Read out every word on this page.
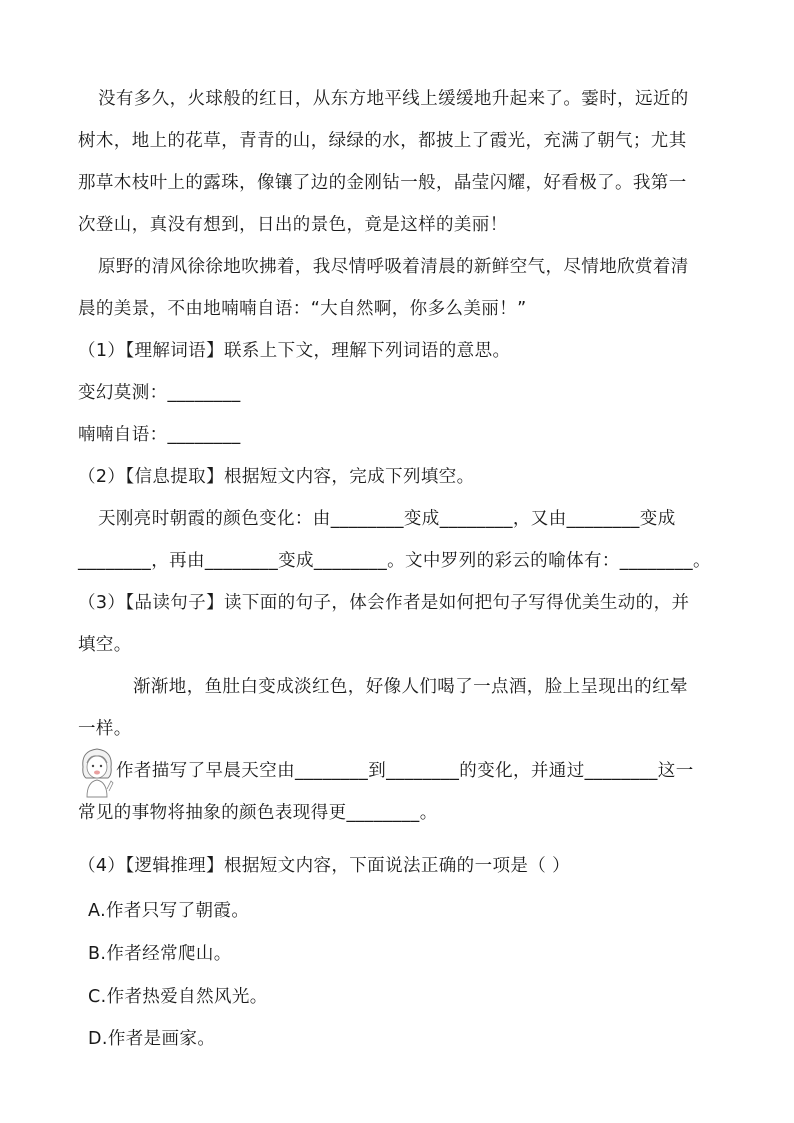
没有多久，火球般的红日，从东方地平线上缓缓地升起来了。霎时，远近的
树木，地上的花草，青青的山，绿绿的水，都披上了霞光，充满了朝气；尤其
那草木枝叶上的露珠，像镶了边的金刚钻一般，晶莹闪耀，好看极了。我第一
次登山，真没有想到，日出的景色，竟是这样的美丽！
原野的清风徐徐地吹拂着，我尽情呼吸着清晨的新鲜空气，尽情地欣赏着清
晨的美景，不由地喃喃自语：“大自然啊，你多么美丽！”
（1）【理解词语】联系上下文，理解下列词语的意思。
变幻莫测：________
喃喃自语：________
（2）【信息提取】根据短文内容，完成下列填空。
天刚亮时朝霞的颜色变化：由________变成________，又由________变成
________，再由________变成________。文中罗列的彩云的喻体有：________。
（3）【品读句子】读下面的句子，体会作者是如何把句子写得优美生动的，并
填空。
渐渐地，鱼肚白变成淡红色，好像人们喝了一点酒，脸上呈现出的红晕
一样。
作者描写了早晨天空由________到________的变化，并通过________这一
常见的事物将抽象的颜色表现得更________。
（4）【逻辑推理】根据短文内容，下面说法正确的一项是（ ）
A.作者只写了朝霞。
B.作者经常爬山。
C.作者热爱自然风光。
D.作者是画家。
